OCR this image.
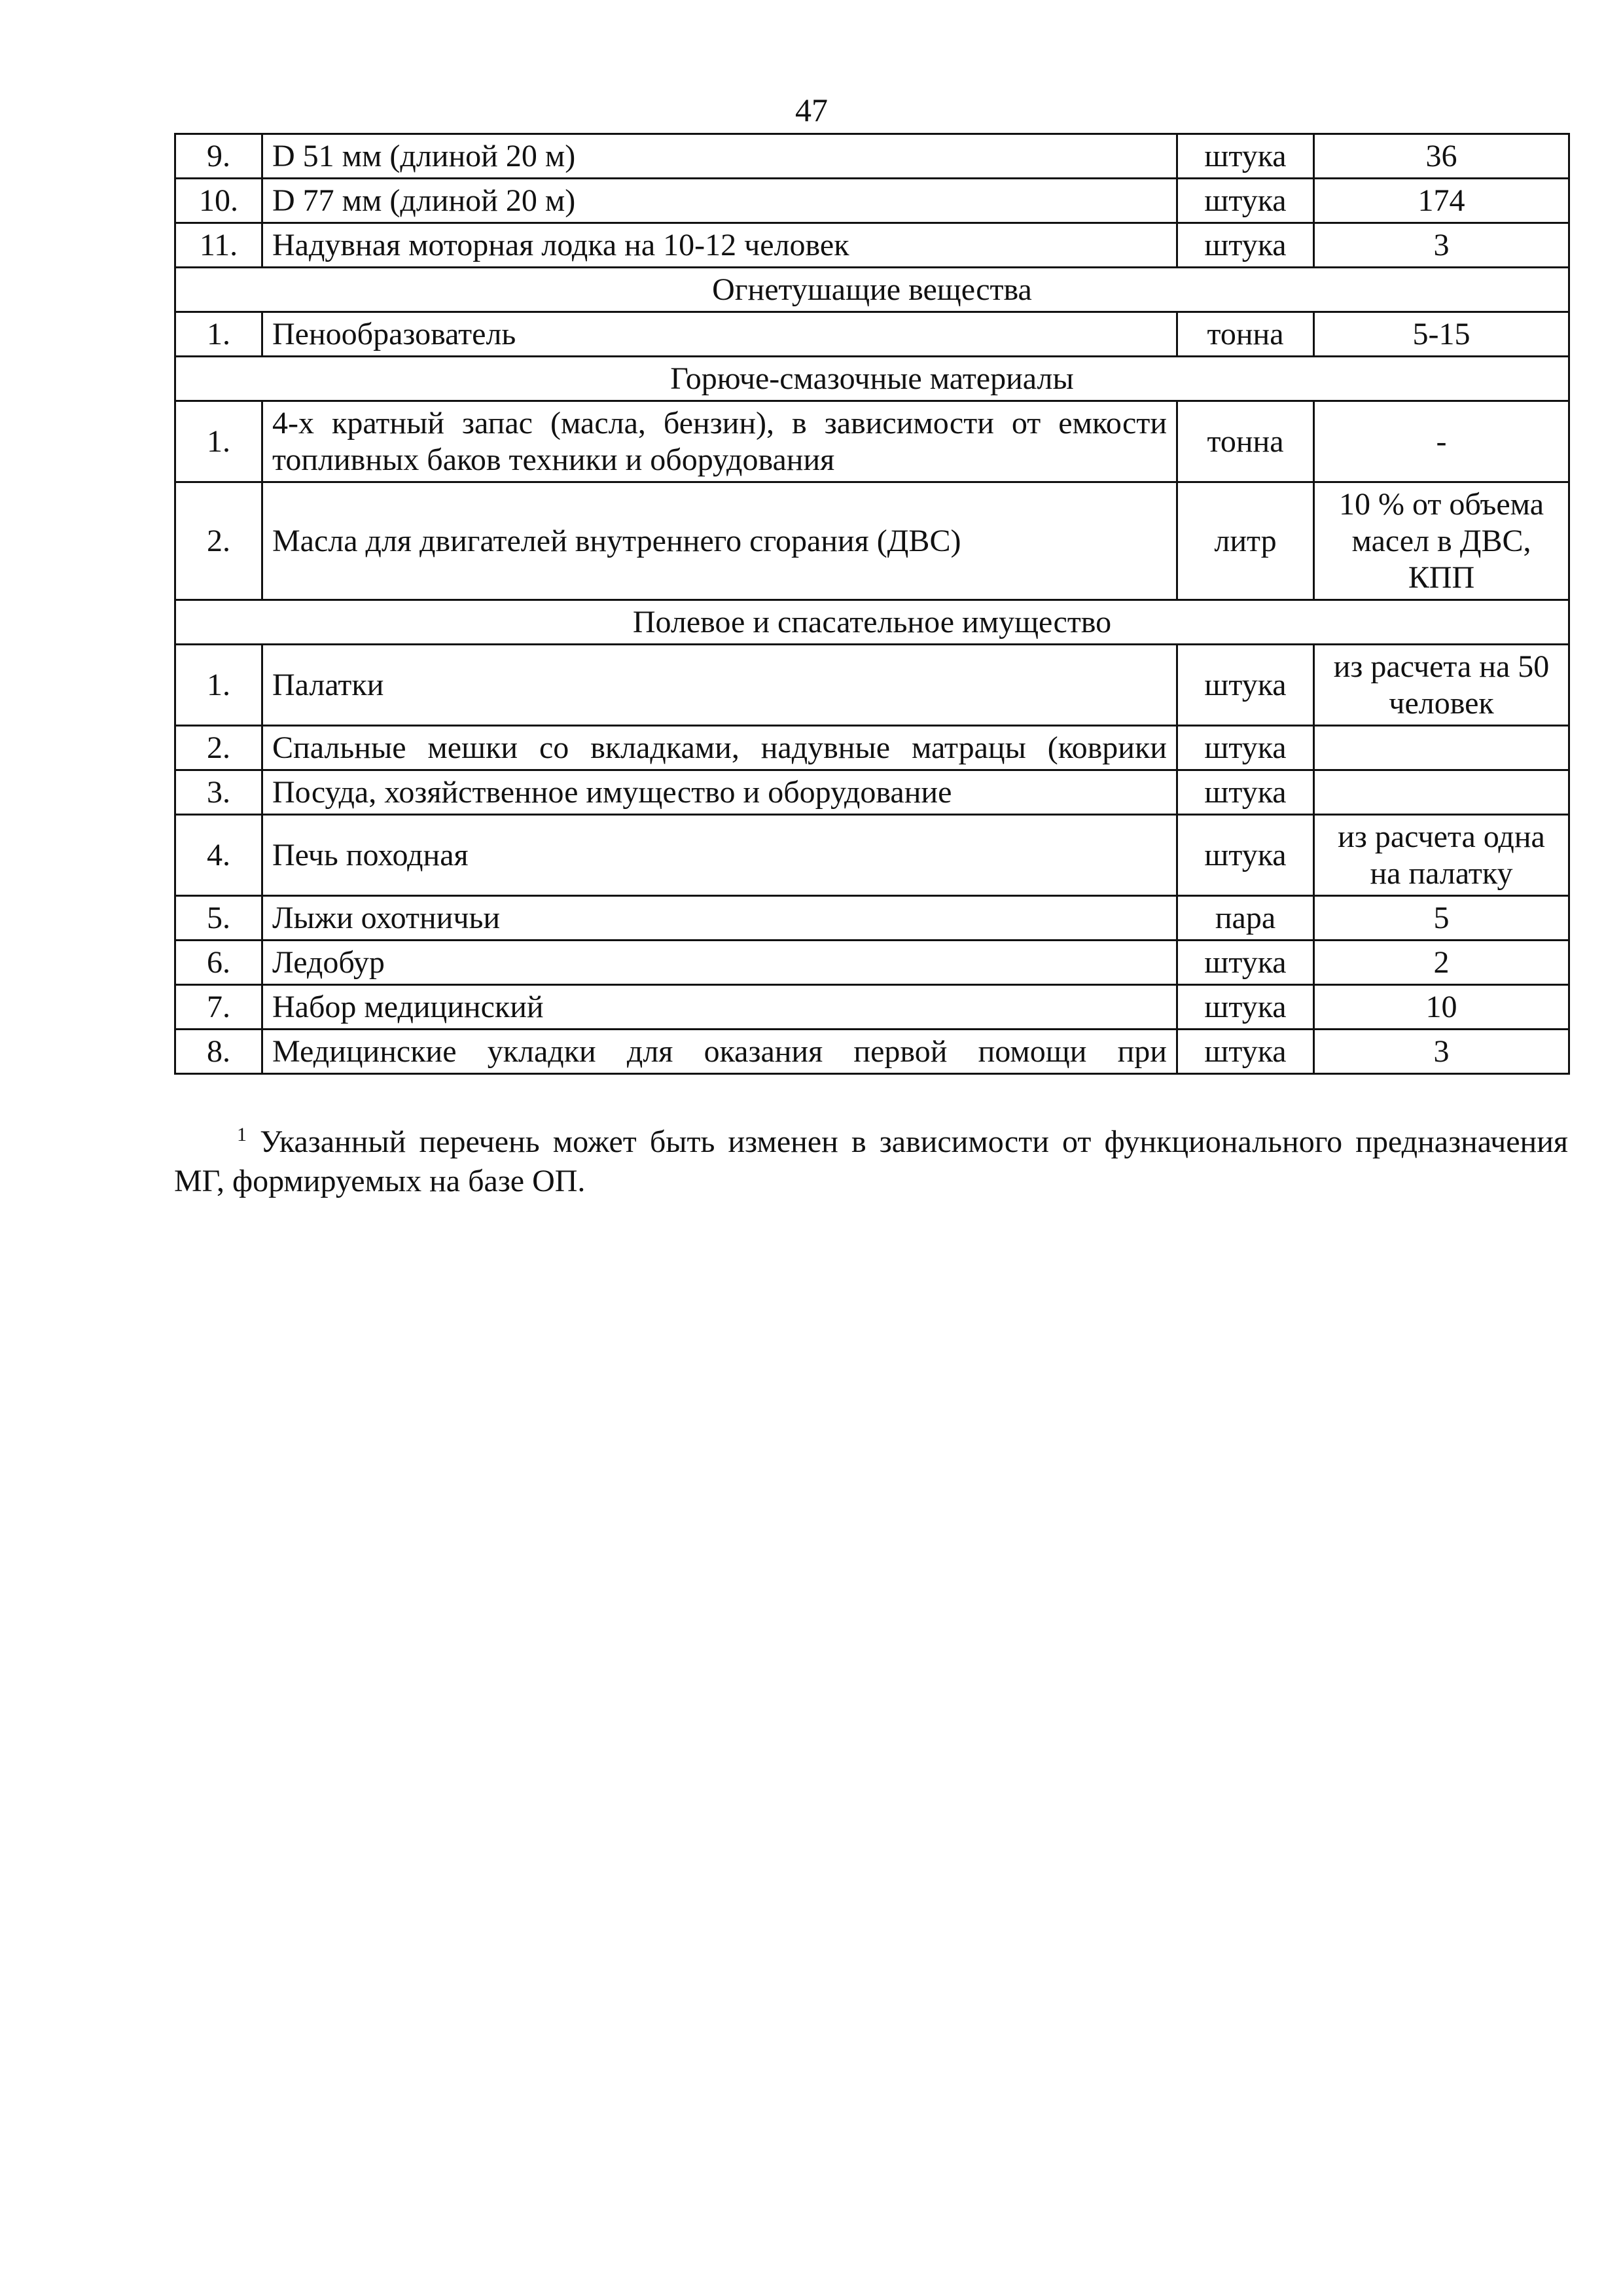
47
9.	D 51 мм (длиной 20 м)	штука	36
10.	D 77 мм (длиной 20 м)	штука	174
11.	Надувная моторная лодка на 10-12 человек	штука	3
Огнетушащие вещества			
1.	Пенообразователь	тонна	5-15
Горюче-смазочные материалы			
1.	4-х кратный запас (масла, бензин), в зависимости от емкости
топливных баков техники и оборудования	тонна	-
2.	Масла для двигателей внутреннего сгорания (ДВС)	литр	10 % от объема
масел в ДВС,
КПП

Полевое и спасательное имущество			
1.	Палатки	штука	из расчета на 50
человек

2.	Спальные мешки со вкладками, надувные матрацы (коврики	штука	
3.	Посуда, хозяйственное имущество и оборудование	штука	
4.	Печь походная	штука	из расчета одна
на палатку

5.	Лыжи охотничьи	пара	5
6.	Ледобур	штука	2
7.	Набор медицинский	штука	10
8.	Медицинские укладки для оказания первой помощи при	штука	3
$^1$ Указанный перечень может быть изменен в зависимости от функционального предназначения МГ, формируемых на базе ОП.
